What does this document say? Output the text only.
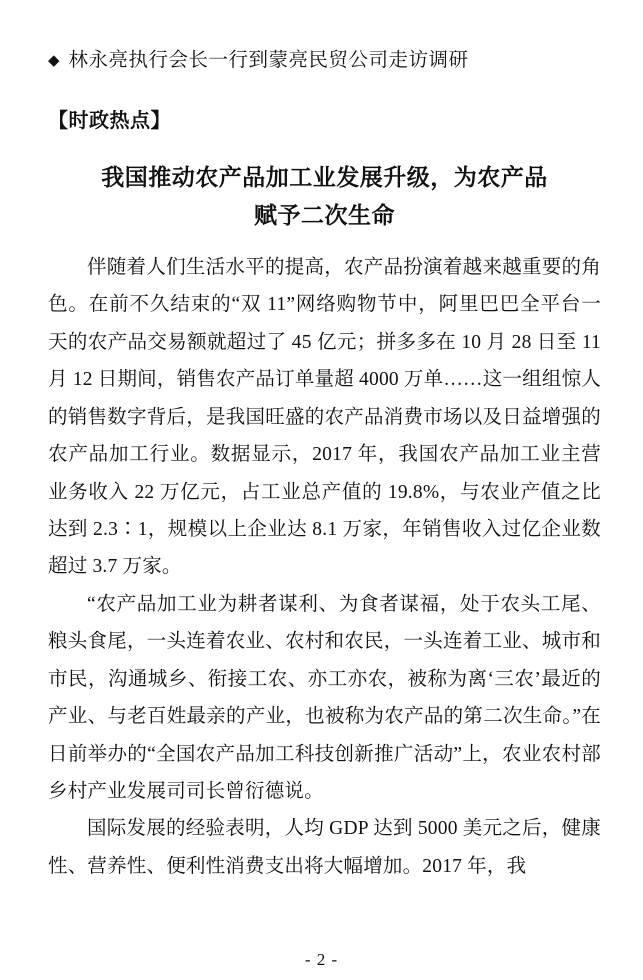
◆ 林永亮执行会长一行到蒙亮民贸公司走访调研
【时政热点】
我国推动农产品加工业发展升级，为农产品
赋予二次生命

伴随着人们生活水平的提高，农产品扮演着越来越重要的角色。在前不久结束的“双 11”网络购物节中，阿里巴巴全平台一天的农产品交易额就超过了 45 亿元；拼多多在 10 月 28 日至 11 月 12 日期间，销售农产品订单量超 4000 万单……这一组组惊人的销售数字背后，是我国旺盛的农产品消费市场以及日益增强的农产品加工行业。数据显示，2017 年，我国农产品加工业主营业务收入 22 万亿元，占工业总产值的 19.8%，与农业产值之比达到 2.3∶1，规模以上企业达 8.1 万家，年销售收入过亿企业数超过 3.7 万家。

“农产品加工业为耕者谋利、为食者谋福，处于农头工尾、粮头食尾，一头连着农业、农村和农民，一头连着工业、城市和市民，沟通城乡、衔接工农、亦工亦农，被称为离‘三农’最近的产业、与老百姓最亲的产业，也被称为农产品的第二次生命。”在日前举办的“全国农产品加工科技创新推广活动”上，农业农村部乡村产业发展司司长曾衍德说。

国际发展的经验表明，人均 GDP 达到 5000 美元之后，健康性、营养性、便利性消费支出将大幅增加。2017 年，我

- 2 -
